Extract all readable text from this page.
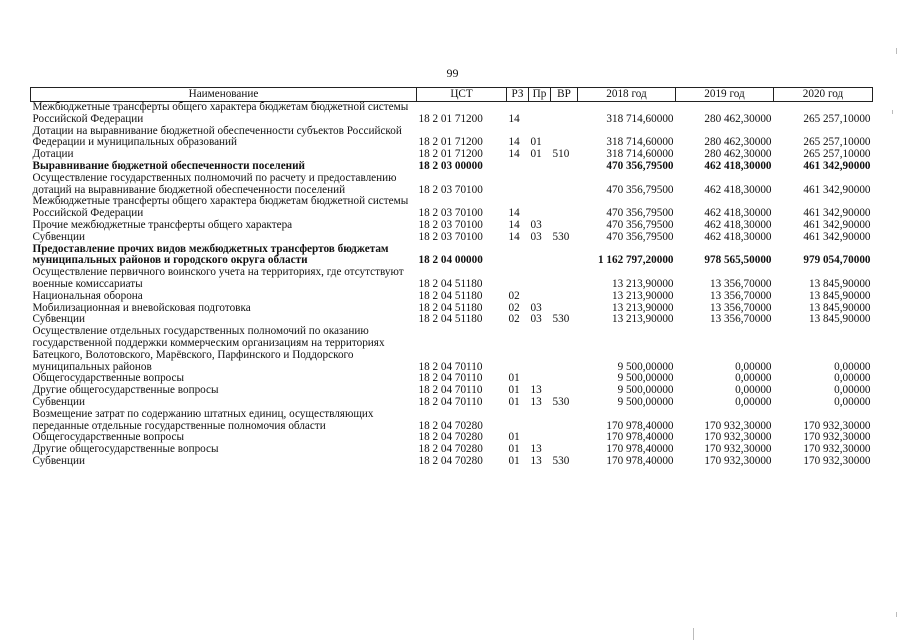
99
Наименование	ЦСТ	РЗ	Пр	ВР	2018 год	2019 год	2020 год
Межбюджетные трансферты общего характера бюджетам бюджетной системы Российской Федерации	18 2 01 71200	14			318 714,60000	280 462,30000	265 257,10000
Дотации на выравнивание бюджетной обеспеченности субъектов Российской Федерации и муниципальных образований	18 2 01 71200	14	01		318 714,60000	280 462,30000	265 257,10000
Дотации	18 2 01 71200	14	01	510	318 714,60000	280 462,30000	265 257,10000
Выравнивание бюджетной обеспеченности поселений	18 2 03 00000				470 356,79500	462 418,30000	461 342,90000
Осуществление государственных полномочий по расчету и предоставлению дотаций на выравнивание бюджетной обеспеченности поселений	18 2 03 70100				470 356,79500	462 418,30000	461 342,90000
Межбюджетные трансферты общего характера бюджетам бюджетной системы Российской Федерации	18 2 03 70100	14			470 356,79500	462 418,30000	461 342,90000
Прочие межбюджетные трансферты общего характера	18 2 03 70100	14	03		470 356,79500	462 418,30000	461 342,90000
Субвенции	18 2 03 70100	14	03	530	470 356,79500	462 418,30000	461 342,90000
Предоставление прочих видов межбюджетных трансфертов бюджетам муниципальных районов и городского округа области	18 2 04 00000				1 162 797,20000	978 565,50000	979 054,70000
Осуществление первичного воинского учета на территориях, где отсутствуют военные комиссариаты	18 2 04 51180				13 213,90000	13 356,70000	13 845,90000
Национальная оборона	18 2 04 51180	02			13 213,90000	13 356,70000	13 845,90000
Мобилизационная и вневойсковая подготовка	18 2 04 51180	02	03		13 213,90000	13 356,70000	13 845,90000
Субвенции	18 2 04 51180	02	03	530	13 213,90000	13 356,70000	13 845,90000
Осуществление отдельных государственных полномочий по оказанию государственной поддержки коммерческим организациям на территориях Батецкого, Волотовского, Марёвского, Парфинского и Поддорского муниципальных районов	18 2 04 70110				9 500,00000	0,00000	0,00000
Общегосударственные вопросы	18 2 04 70110	01			9 500,00000	0,00000	0,00000
Другие общегосударственные вопросы	18 2 04 70110	01	13		9 500,00000	0,00000	0,00000
Субвенции	18 2 04 70110	01	13	530	9 500,00000	0,00000	0,00000
Возмещение затрат по содержанию штатных единиц, осуществляющих переданные отдельные государственные полномочия области	18 2 04 70280				170 978,40000	170 932,30000	170 932,30000
Общегосударственные вопросы	18 2 04 70280	01			170 978,40000	170 932,30000	170 932,30000
Другие общегосударственные вопросы	18 2 04 70280	01	13		170 978,40000	170 932,30000	170 932,30000
Субвенции	18 2 04 70280	01	13	530	170 978,40000	170 932,30000	170 932,30000
